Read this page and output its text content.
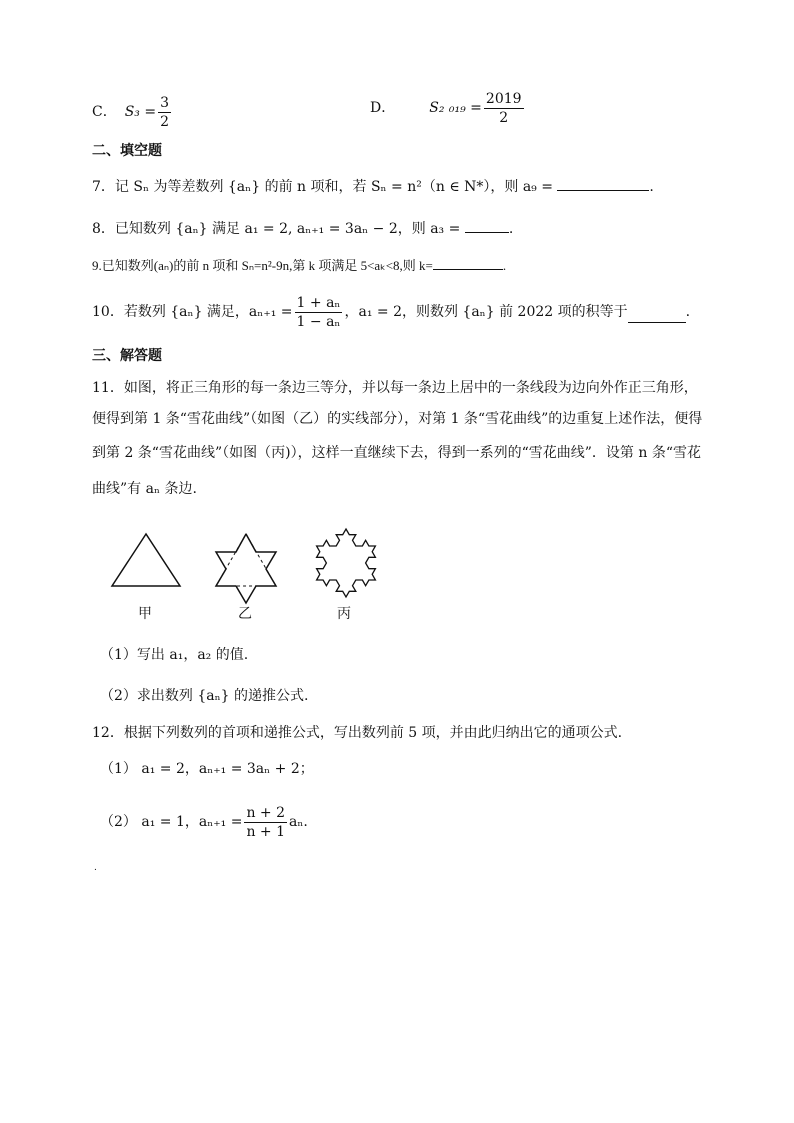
C． $S_3 = \frac{3}{2}$	D． S₂ $_{019} = \frac{2019}{2}$
二、填空题
7．记 Sₙ 为等差数列 {aₙ} 的前 n 项和，若 Sₙ = n²（n ∈ N*），则 a₉ =	.
8．已知数列 {aₙ} 满足 a₁ = 2, aₙ₊₁ = 3aₙ − 2，则 a₃ =	.
9.已知数列(aₙ)的前 n 项和 Sₙ=n²-9n,第 k 项满足 5<aₖ<8,则 k=	.
10．若数列 {aₙ} 满足，$a_{n+1} = \frac{\text{1 + aₙ}}{\text{1 − aₙ}}$ ，a₁ = 2，则数列 {aₙ} 前 2022 项的积等于	.
三、解答题
11．如图，将正三角形的每一条边三等分，并以每一条边上居中的一条线段为边向外作正三角形，
便得到第 1 条“雪花曲线”（如图（乙）的实线部分），对第 1 条“雪花曲线”的边重复上述作法，便得
到第 2 条“雪花曲线”（如图（丙)），这样一直继续下去，得到一系列的“雪花曲线”．设第 n 条“雪花
曲线”有 aₙ 条边.
甲	乙	丙
（1）写出 a₁，a₂ 的值.
（2）求出数列 {aₙ} 的递推公式.
12．根据下列数列的首项和递推公式，写出数列前 5 项，并由此归纳出它的通项公式.
（1） a₁ = 2，aₙ₊₁ = 3aₙ + 2；
（2） a₁ = 1，$a_{n+1} = \frac{n + 2}{n + 1} a_n$.
.
